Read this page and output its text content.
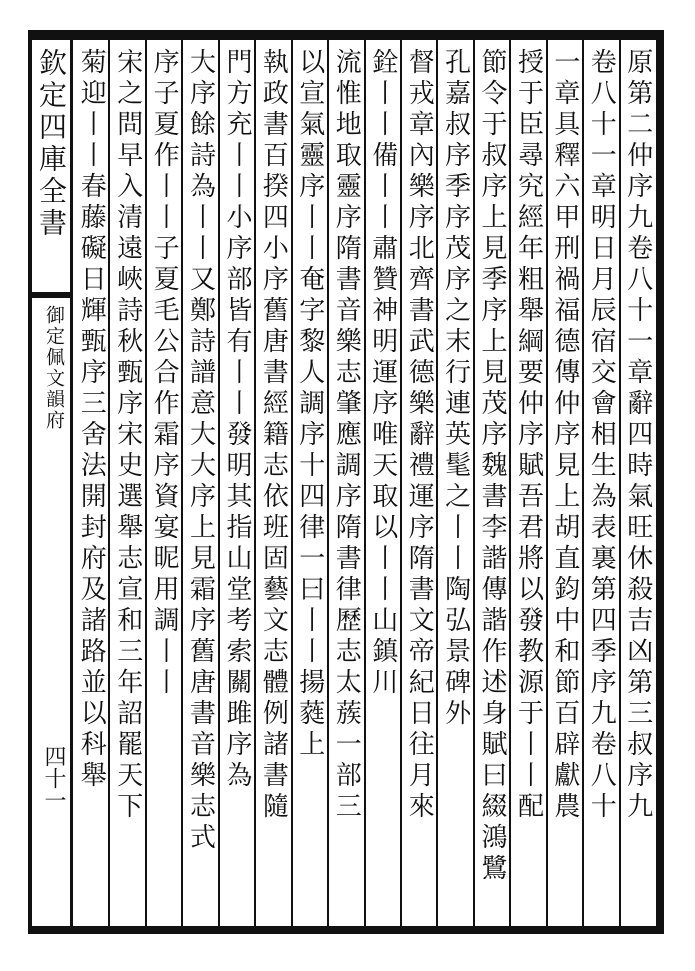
欽定四庫全書
御定佩文韻府
四十一	原第二仲序九卷八十一章辭四時氣旺休殺吉凶第三叔序九
卷八十一章明日月辰宿交會相生為表裏第四季序九卷八十
一章具釋六甲刑禍福德傳仲序見上胡直鈞中和節百辟獻農
授于臣尋究經年粗舉綱要仲序賦吾君將以發教源于丨丨配
節令于叔序上見季序上見茂序魏書李諧傳諧作述身賦曰綴鴻鷺
孔嘉叔序季序茂序之末行連英髦之丨丨陶弘景碑外
督戎章內樂序北齊書武德樂辭禮運序隋書文帝紀日往月來
銓丨丨備丨丨肅贊神明運序唯天取以丨丨山鎮川
流惟地取靈序隋書音樂志肇應調序隋書律歷志太蔟一部三
以宣氣靈序丨丨奄字黎人調序十四律一曰丨丨揚蕤上
執政書百揆四小序舊唐書經籍志依班固藝文志體例諸書隨
門方充丨丨小序部皆有丨丨發明其指山堂考索關雎序為
大序餘詩為丨丨又鄭詩譜意大大序上見霜序舊唐書音樂志式
序子夏作丨丨子夏毛公合作霜序資宴昵用調丨丨
宋之問早入清遠峽詩秋甄序宋史選舉志宣和三年詔罷天下
菊迎丨丨春藤礙日輝甄序三舍法開封府及諸路並以科舉
